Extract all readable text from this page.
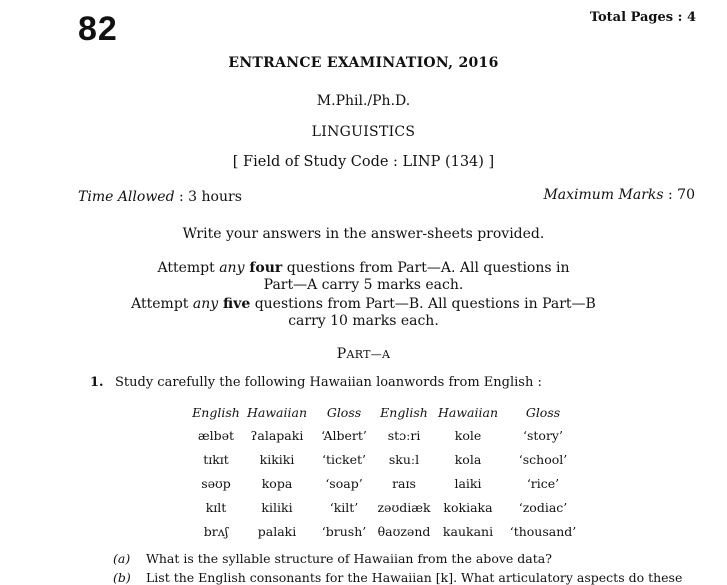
82	Total Pages : 4
ENTRANCE EXAMINATION, 2016
M.Phil./Ph.D.
LINGUISTICS
[ Field of Study Code : LINP (134) ]
Time Allowed : 3 hours	Maximum Marks : 70
Write your answers in the answer-sheets provided.
Attempt any four questions from Part—A. All questions in
Part—A carry 5 marks each.
Attempt any five questions from Part—B. All questions in Part—B
carry 10 marks each.
PART—A
1. Study carefully the following Hawaiian loanwords from English :
English Hawaiian Gloss English Hawaiian Gloss
ælbət ʔalapaki ‘Albert’ stɔːri	kole	‘story’
tɪkɪt kikiki ‘ticket’ skuːl	kola	‘school’
səʊp kopa	‘soap’ raɪs	laiki	‘rice’
kɪlt	kiliki	‘kilt’ zəʊdiæk kokiaka ‘zodiac’
brʌʃ palaki ‘brush’ θaʊzənd kaukani ‘thousand’
(a) What is the syllable structure of Hawaiian from the above data?
(b) List the English consonants for the Hawaiian [k]. What articulatory aspects do these
